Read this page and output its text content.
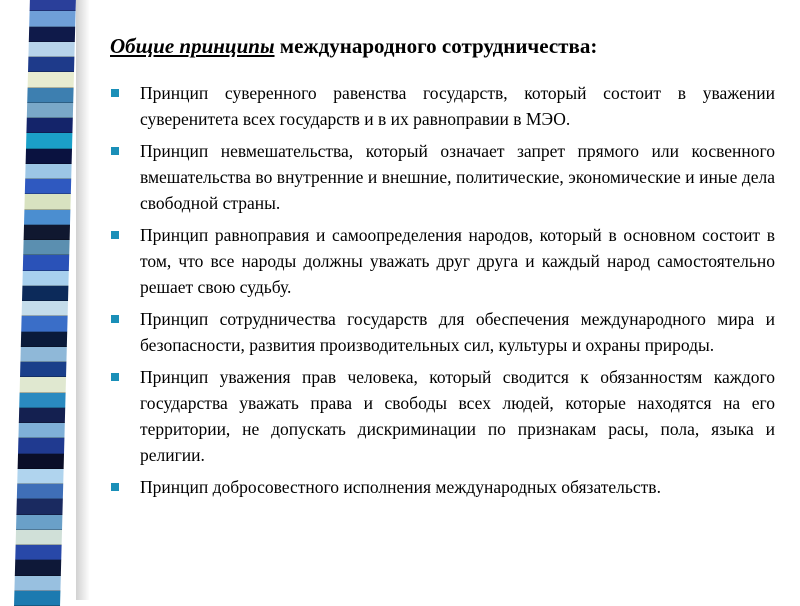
Общие принципы международного сотрудничества:
Принцип суверенного равенства государств, который состоит в уважении суверенитета всех государств и в их равноправии в МЭО.
Принцип невмешательства, который означает запрет прямого или косвенного вмешательства во внутренние и внешние, политические, экономические и иные дела свободной страны.
Принцип равноправия и самоопределения народов, который в основном состоит в том, что все народы должны уважать друг друга и каждый народ самостоятельно решает свою судьбу.
Принцип сотрудничества государств для обеспечения международного мира и безопасности, развития производительных сил, культуры и охраны природы.
Принцип уважения прав человека, который сводится к обязанностям каждого государства уважать права и свободы всех людей, которые находятся на его территории, не допускать дискриминации по признакам расы, пола, языка и религии.
Принцип добросовестного исполнения международных обязательств.
